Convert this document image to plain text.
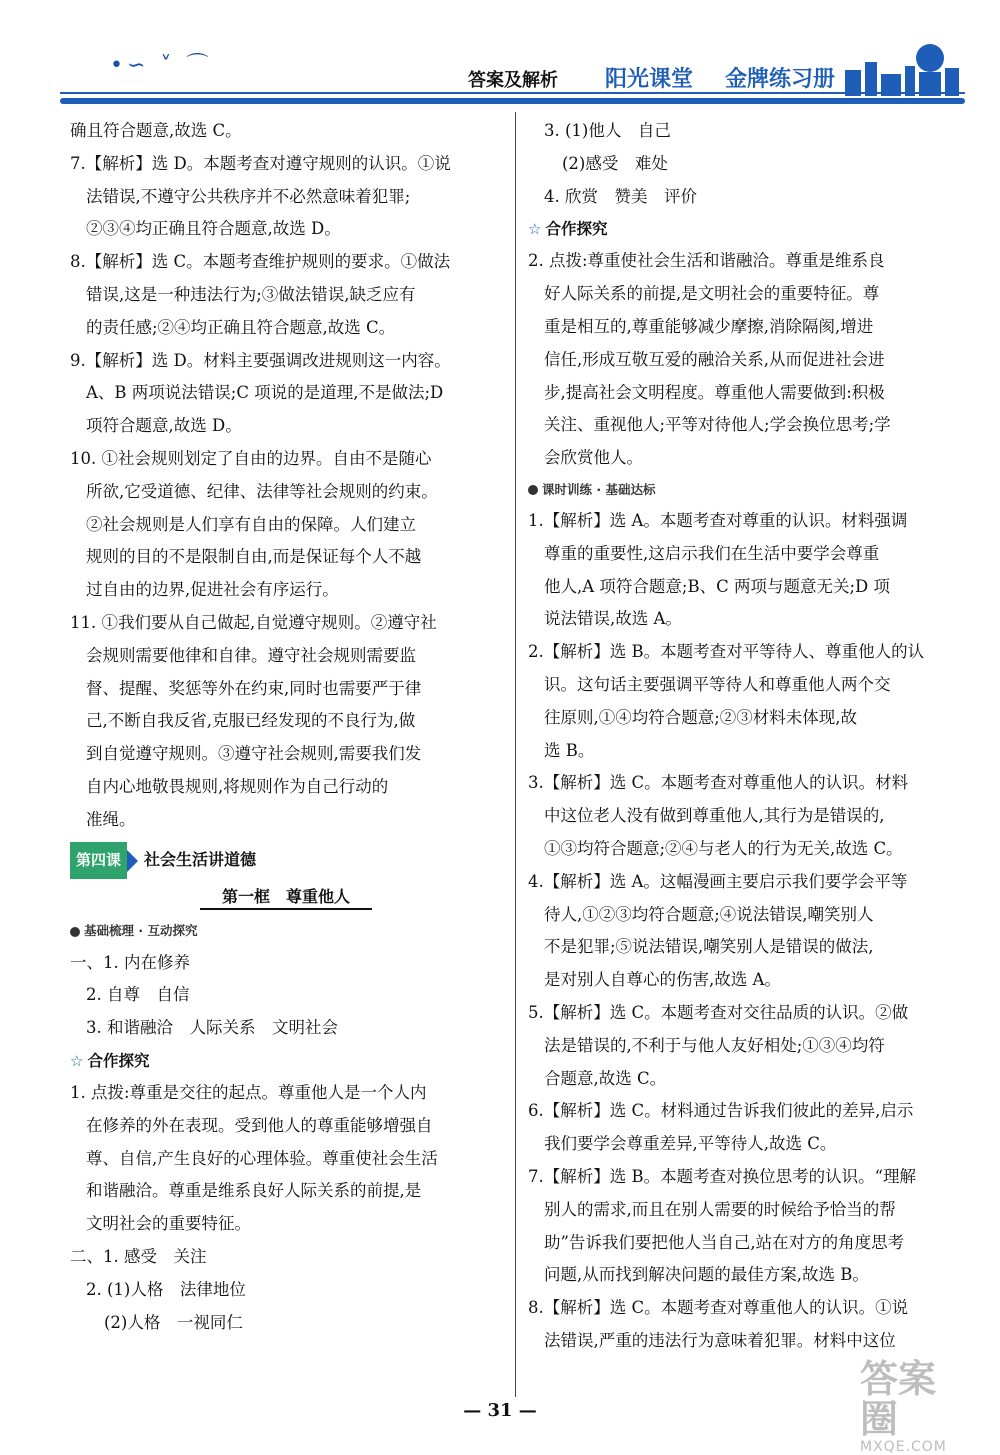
•∽ ˅ ⌒
答案及解析 阳光课堂 金牌练习册

确且符合题意,故选 C。

7.【解析】选 D。本题考查对遵守规则的认识。①说

法错误,不遵守公共秩序并不必然意味着犯罪;

②③④均正确且符合题意,故选 D。

8.【解析】选 C。本题考查维护规则的要求。①做法

错误,这是一种违法行为;③做法错误,缺乏应有

的责任感;②④均正确且符合题意,故选 C。

9.【解析】选 D。材料主要强调改进规则这一内容。

A、B 两项说法错误;C 项说的是道理,不是做法;D

项符合题意,故选 D。

10. ①社会规则划定了自由的边界。自由不是随心

所欲,它受道德、纪律、法律等社会规则的约束。

②社会规则是人们享有自由的保障。人们建立

规则的目的不是限制自由,而是保证每个人不越

过自由的边界,促进社会有序运行。

11. ①我们要从自己做起,自觉遵守规则。②遵守社

会规则需要他律和自律。遵守社会规则需要监

督、提醒、奖惩等外在约束,同时也需要严于律

己,不断自我反省,克服已经发现的不良行为,做

到自觉遵守规则。③遵守社会规则,需要我们发

自内心地敬畏规则,将规则作为自己行动的

准绳。

第四课	社会生活讲道德
第一框　尊重他人
基础梳理 · 互动探究

一、1. 内在修养

2. 自尊　自信

3. 和谐融洽　人际关系　文明社会

☆ 合作探究

1. 点拨:尊重是交往的起点。尊重他人是一个人内

在修养的外在表现。受到他人的尊重能够增强自

尊、自信,产生良好的心理体验。尊重使社会生活

和谐融洽。尊重是维系良好人际关系的前提,是

文明社会的重要特征。

二、1. 感受　关注

2. (1)人格　法律地位

(2)人格　一视同仁

3. (1)他人　自己

(2)感受　难处

4. 欣赏　赞美　评价

☆ 合作探究

2. 点拨:尊重使社会生活和谐融洽。尊重是维系良

好人际关系的前提,是文明社会的重要特征。尊

重是相互的,尊重能够减少摩擦,消除隔阂,增进

信任,形成互敬互爱的融洽关系,从而促进社会进

步,提高社会文明程度。尊重他人需要做到:积极

关注、重视他人;平等对待他人;学会换位思考;学

会欣赏他人。

课时训练 · 基础达标

1.【解析】选 A。本题考查对尊重的认识。材料强调

尊重的重要性,这启示我们在生活中要学会尊重

他人,A 项符合题意;B、C 两项与题意无关;D 项

说法错误,故选 A。

2.【解析】选 B。本题考查对平等待人、尊重他人的认

识。这句话主要强调平等待人和尊重他人两个交

往原则,①④均符合题意;②③材料未体现,故

选 B。

3.【解析】选 C。本题考查对尊重他人的认识。材料

中这位老人没有做到尊重他人,其行为是错误的,

①③均符合题意;②④与老人的行为无关,故选 C。

4.【解析】选 A。这幅漫画主要启示我们要学会平等

待人,①②③均符合题意;④说法错误,嘲笑别人

不是犯罪;⑤说法错误,嘲笑别人是错误的做法,

是对别人自尊心的伤害,故选 A。

5.【解析】选 C。本题考查对交往品质的认识。②做

法是错误的,不利于与他人友好相处;①③④均符

合题意,故选 C。

6.【解析】选 C。材料通过告诉我们彼此的差异,启示

我们要学会尊重差异,平等待人,故选 C。

7.【解析】选 B。本题考查对换位思考的认识。“理解

别人的需求,而且在别人需要的时候给予恰当的帮

助”告诉我们要把他人当自己,站在对方的角度思考

问题,从而找到解决问题的最佳方案,故选 B。

8.【解析】选 C。本题考查对尊重他人的认识。①说

法错误,严重的违法行为意味着犯罪。材料中这位

— 31 —
答案圈
MXQE.COM
